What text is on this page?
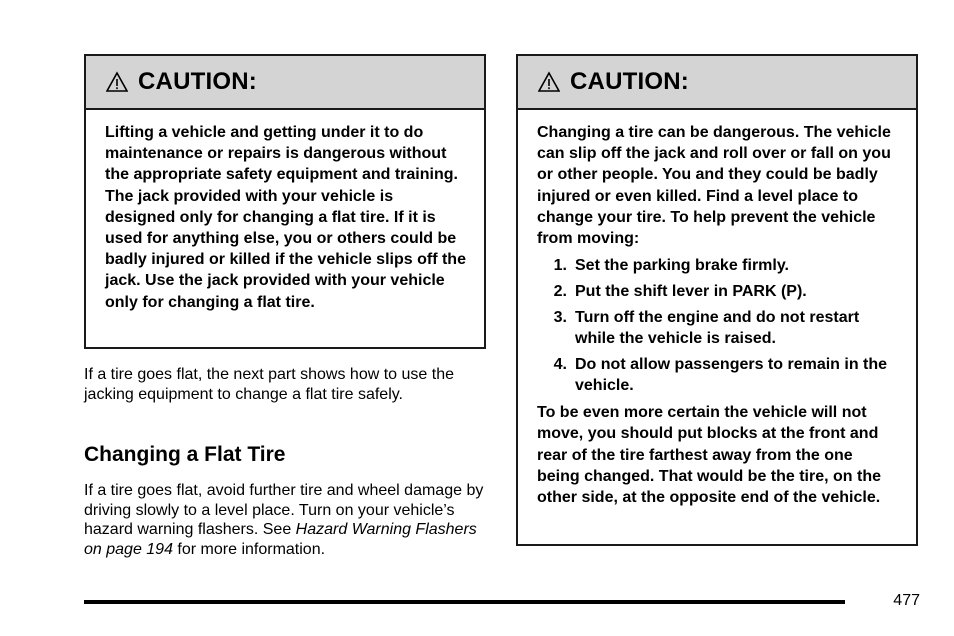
CAUTION:

Lifting a vehicle and getting under it to do maintenance or repairs is dangerous without the appropriate safety equipment and training. The jack provided with your vehicle is designed only for changing a flat tire. If it is used for anything else, you or others could be badly injured or killed if the vehicle slips off the jack. Use the jack provided with your vehicle only for changing a flat tire.

If a tire goes flat, the next part shows how to use the jacking equipment to change a flat tire safely.

Changing a Flat Tire

If a tire goes flat, avoid further tire and wheel damage by driving slowly to a level place. Turn on your vehicle’s hazard warning flashers. See Hazard Warning Flashers on page 194 for more information.

CAUTION:

Changing a tire can be dangerous. The vehicle can slip off the jack and roll over or fall on you or other people. You and they could be badly injured or even killed. Find a level place to change your tire. To help prevent the vehicle from moving:

1. Set the parking brake firmly.
2. Put the shift lever in PARK (P).
3. Turn off the engine and do not restart while the vehicle is raised.
4. Do not allow passengers to remain in the vehicle.

To be even more certain the vehicle will not move, you should put blocks at the front and rear of the tire farthest away from the one being changed. That would be the tire, on the other side, at the opposite end of the vehicle.

477
